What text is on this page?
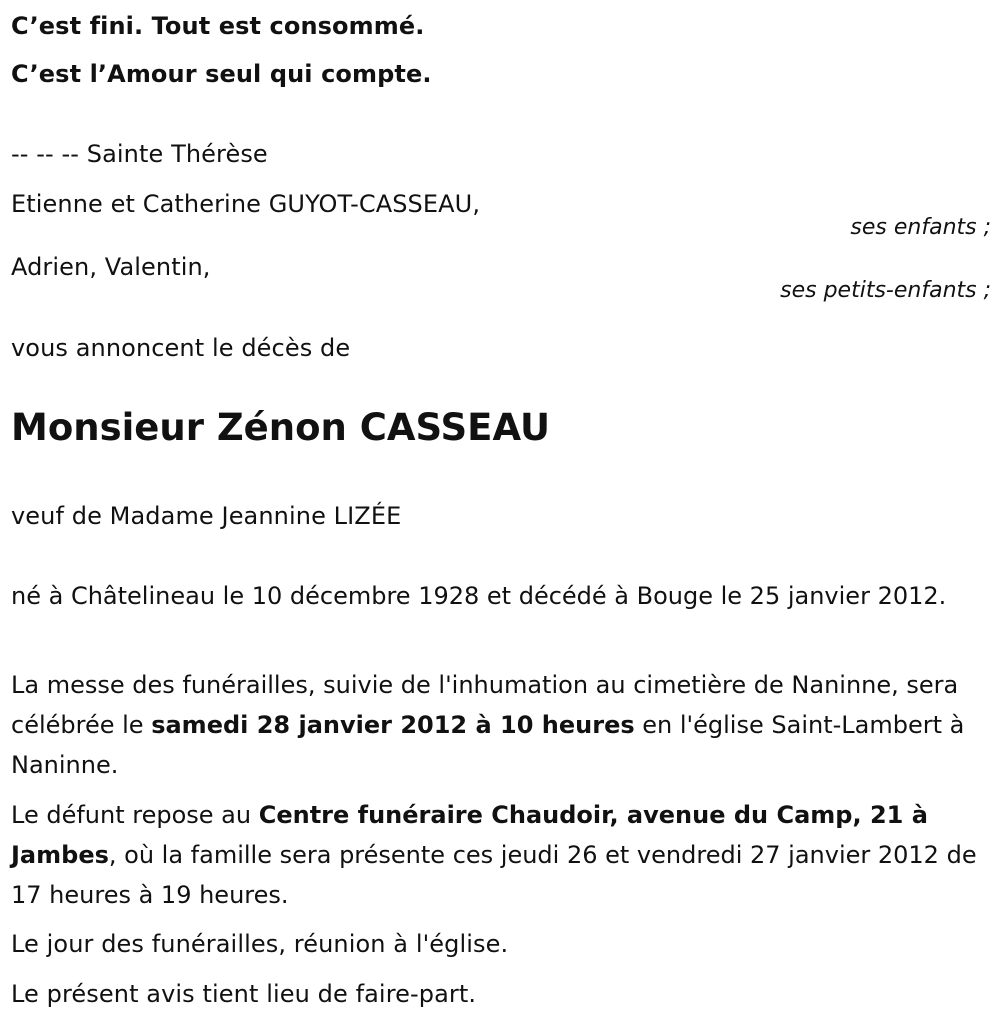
C’est fini. Tout est consommé.
C’est l’Amour seul qui compte.
-- -- -- Sainte Thérèse
Etienne et Catherine GUYOT-CASSEAU,
ses enfants ;
Adrien, Valentin,
ses petits-enfants ;
vous annoncent le décès de
Monsieur Zénon CASSEAU
veuf de Madame Jeannine LIZÉE
né à Châtelineau le 10 décembre 1928 et décédé à Bouge le 25 janvier 2012.
La messe des funérailles, suivie de l'inhumation au cimetière de Naninne, sera célébrée le samedi 28 janvier 2012 à 10 heures en l'église Saint-Lambert à Naninne.
Le défunt repose au Centre funéraire Chaudoir, avenue du Camp, 21 à Jambes, où la famille sera présente ces jeudi 26 et vendredi 27 janvier 2012 de 17 heures à 19 heures.
Le jour des funérailles, réunion à l'église.
Le présent avis tient lieu de faire-part.
